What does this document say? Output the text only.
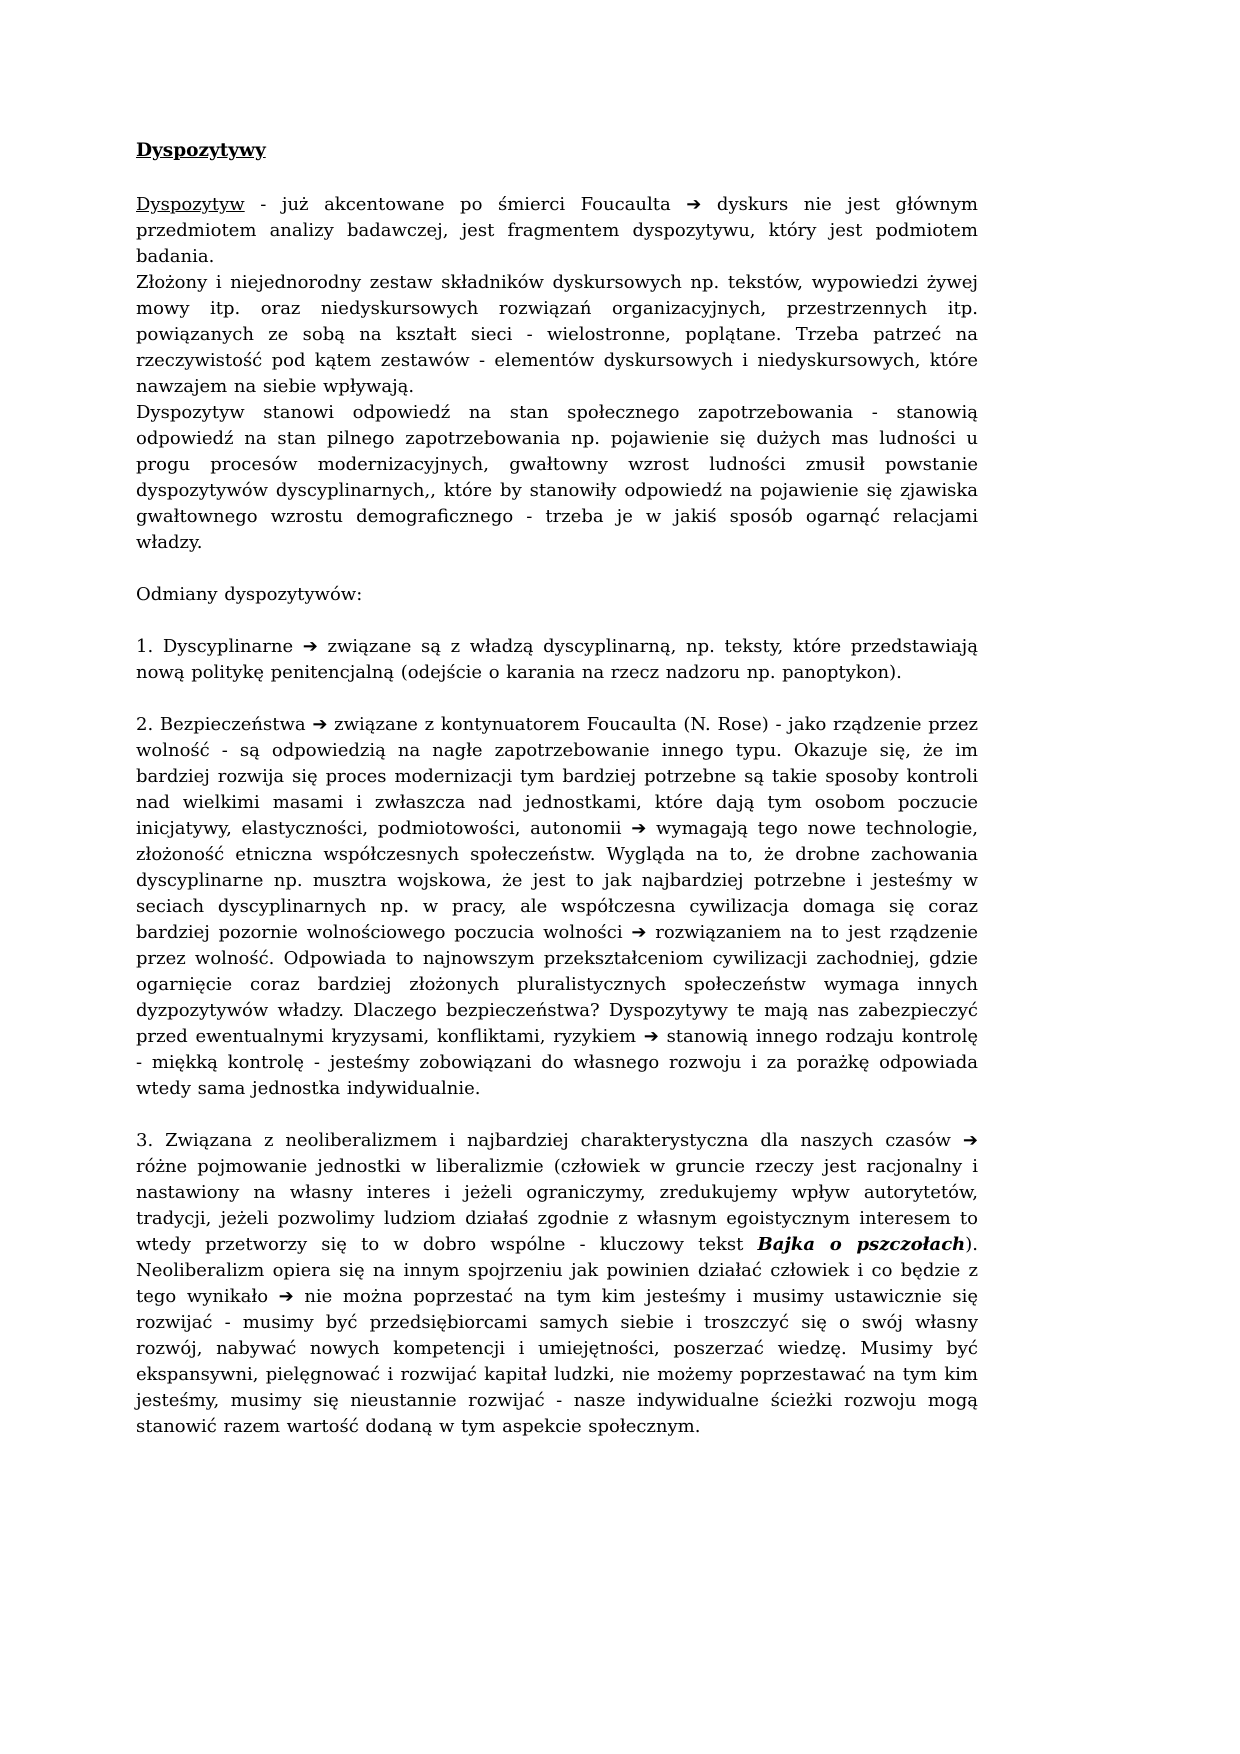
Dyspozytywy

Dyspozytyw - już akcentowane po śmierci Foucaulta ➔ dyskurs nie jest głównym przedmiotem analizy badawczej, jest fragmentem dyspozytywu, który jest podmiotem badania.

Złożony i niejednorodny zestaw składników dyskursowych np. tekstów, wypowiedzi żywej mowy itp. oraz niedyskursowych rozwiązań organizacyjnych, przestrzennych itp. powiązanych ze sobą na kształt sieci - wielostronne, poplątane. Trzeba patrzeć na rzeczywistość pod kątem zestawów - elementów dyskursowych i niedyskursowych, które nawzajem na siebie wpływają.

Dyspozytyw stanowi odpowiedź na stan społecznego zapotrzebowania - stanowią odpowiedź na stan pilnego zapotrzebowania np. pojawienie się dużych mas ludności u progu procesów modernizacyjnych, gwałtowny wzrost ludności zmusił powstanie dyspozytywów dyscyplinarnych,, które by stanowiły odpowiedź na pojawienie się zjawiska gwałtownego wzrostu demograficznego - trzeba je w jakiś sposób ogarnąć relacjami władzy.

Odmiany dyspozytywów:

1. Dyscyplinarne ➔ związane są z władzą dyscyplinarną, np. teksty, które przedstawiają nową politykę penitencjalną (odejście o karania na rzecz nadzoru np. panoptykon).

2. Bezpieczeństwa ➔ związane z kontynuatorem Foucaulta (N. Rose) - jako rządzenie przez wolność - są odpowiedzią na nagłe zapotrzebowanie innego typu. Okazuje się, że im bardziej rozwija się proces modernizacji tym bardziej potrzebne są takie sposoby kontroli nad wielkimi masami i zwłaszcza nad jednostkami, które dają tym osobom poczucie inicjatywy, elastyczności, podmiotowości, autonomii ➔ wymagają tego nowe technologie, złożoność etniczna współczesnych społeczeństw. Wygląda na to, że drobne zachowania dyscyplinarne np. musztra wojskowa, że jest to jak najbardziej potrzebne i jesteśmy w seciach dyscyplinarnych np. w pracy, ale współczesna cywilizacja domaga się coraz bardziej pozornie wolnościowego poczucia wolności ➔ rozwiązaniem na to jest rządzenie przez wolność. Odpowiada to najnowszym przekształceniom cywilizacji zachodniej, gdzie ogarnięcie coraz bardziej złożonych pluralistycznych społeczeństw wymaga innych dyzpozytywów władzy. Dlaczego bezpieczeństwa? Dyspozytywy te mają nas zabezpieczyć przed ewentualnymi kryzysami, konfliktami, ryzykiem ➔ stanowią innego rodzaju kontrolę - miękką kontrolę - jesteśmy zobowiązani do własnego rozwoju i za porażkę odpowiada wtedy sama jednostka indywidualnie.

3. Związana z neoliberalizmem i najbardziej charakterystyczna dla naszych czasów ➔ różne pojmowanie jednostki w liberalizmie (człowiek w gruncie rzeczy jest racjonalny i nastawiony na własny interes i jeżeli ograniczymy, zredukujemy wpływ autorytetów, tradycji, jeżeli pozwolimy ludziom działaś zgodnie z własnym egoistycznym interesem to wtedy przetworzy się to w dobro wspólne - kluczowy tekst Bajka o pszczołach). Neoliberalizm opiera się na innym spojrzeniu jak powinien działać człowiek i co będzie z tego wynikało ➔ nie można poprzestać na tym kim jesteśmy i musimy ustawicznie się rozwijać - musimy być przedsiębiorcami samych siebie i troszczyć się o swój własny rozwój, nabywać nowych kompetencji i umiejętności, poszerzać wiedzę. Musimy być ekspansywni, pielęgnować i rozwijać kapitał ludzki, nie możemy poprzestawać na tym kim jesteśmy, musimy się nieustannie rozwijać - nasze indywidualne ścieżki rozwoju mogą stanowić razem wartość dodaną w tym aspekcie społecznym.
